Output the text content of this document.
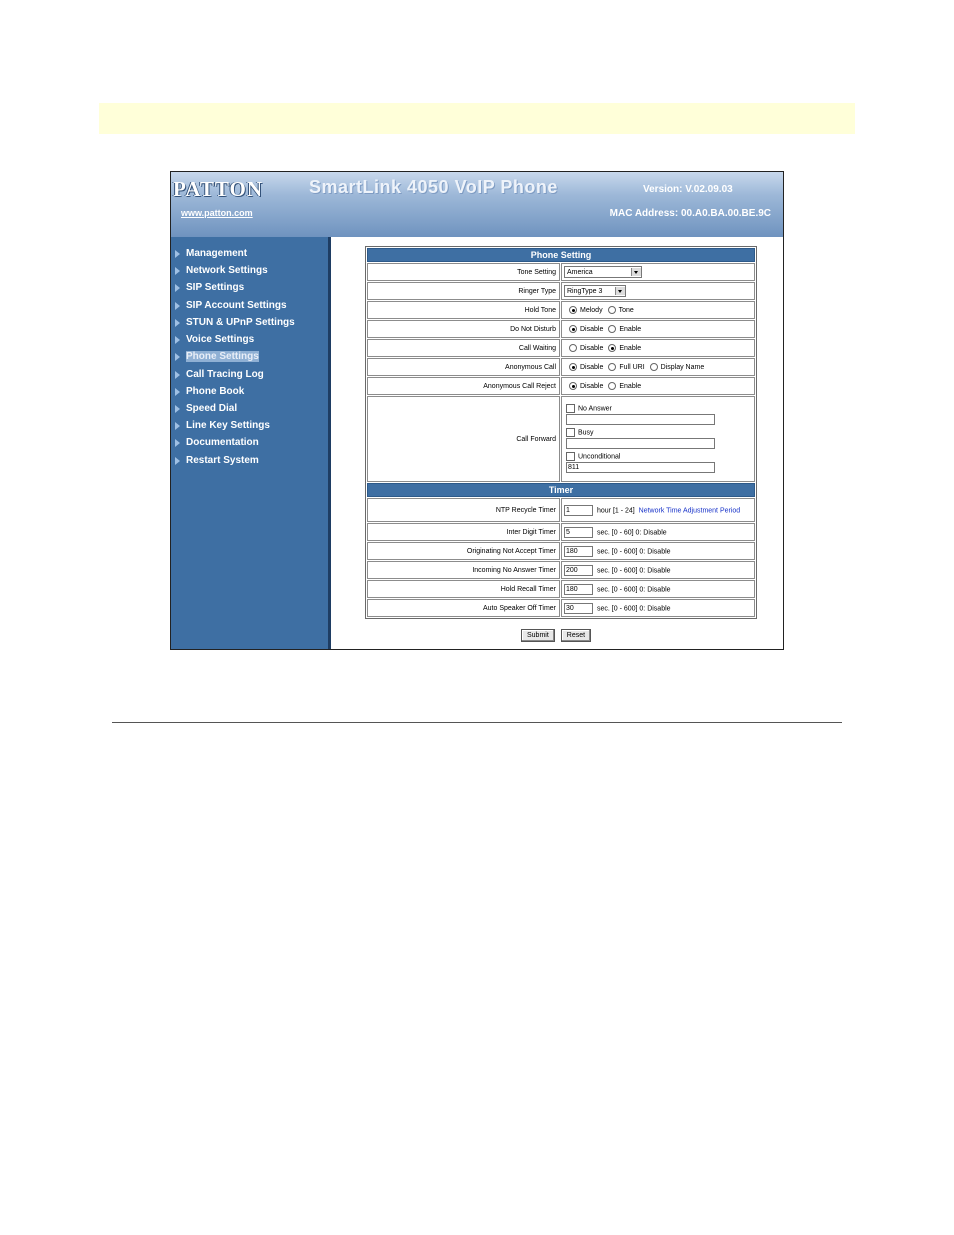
PATTON	SmartLink 4050 VoIP Phone	Version: V.02.09.03
www.patton.com	MAC Address: 00.A0.BA.00.BE.9C
Management
Network Settings
SIP Settings
SIP Account Settings
STUN & UPnP Settings
Voice Settings
Phone Settings
Call Tracing Log
Phone Book
Speed Dial
Line Key Settings
Documentation
Restart System
Phone Setting	
Tone Setting	America

Ringer Type	RingType 3

Hold Tone	Melody Tone
Do Not Disturb	Disable Enable
Call Waiting	Disable Enable
Anonymous Call	Disable Full URI Display Name
Anonymous Call Reject	Disable Enable
Call Forward	No Answer
Busy
Unconditional
811

Timer	
NTP Recycle Timer	1 hour [1 - 24] Network Time Adjustment Period
Inter Digit Timer	5 sec. [0 - 60] 0: Disable
Originating Not Accept Timer	180 sec. [0 - 600] 0: Disable
Incoming No Answer Timer	200 sec. [0 - 600] 0: Disable
Hold Recall Timer	180 sec. [0 - 600] 0: Disable
Auto Speaker Off Timer	30 sec. [0 - 600] 0: Disable
Submit	Reset
